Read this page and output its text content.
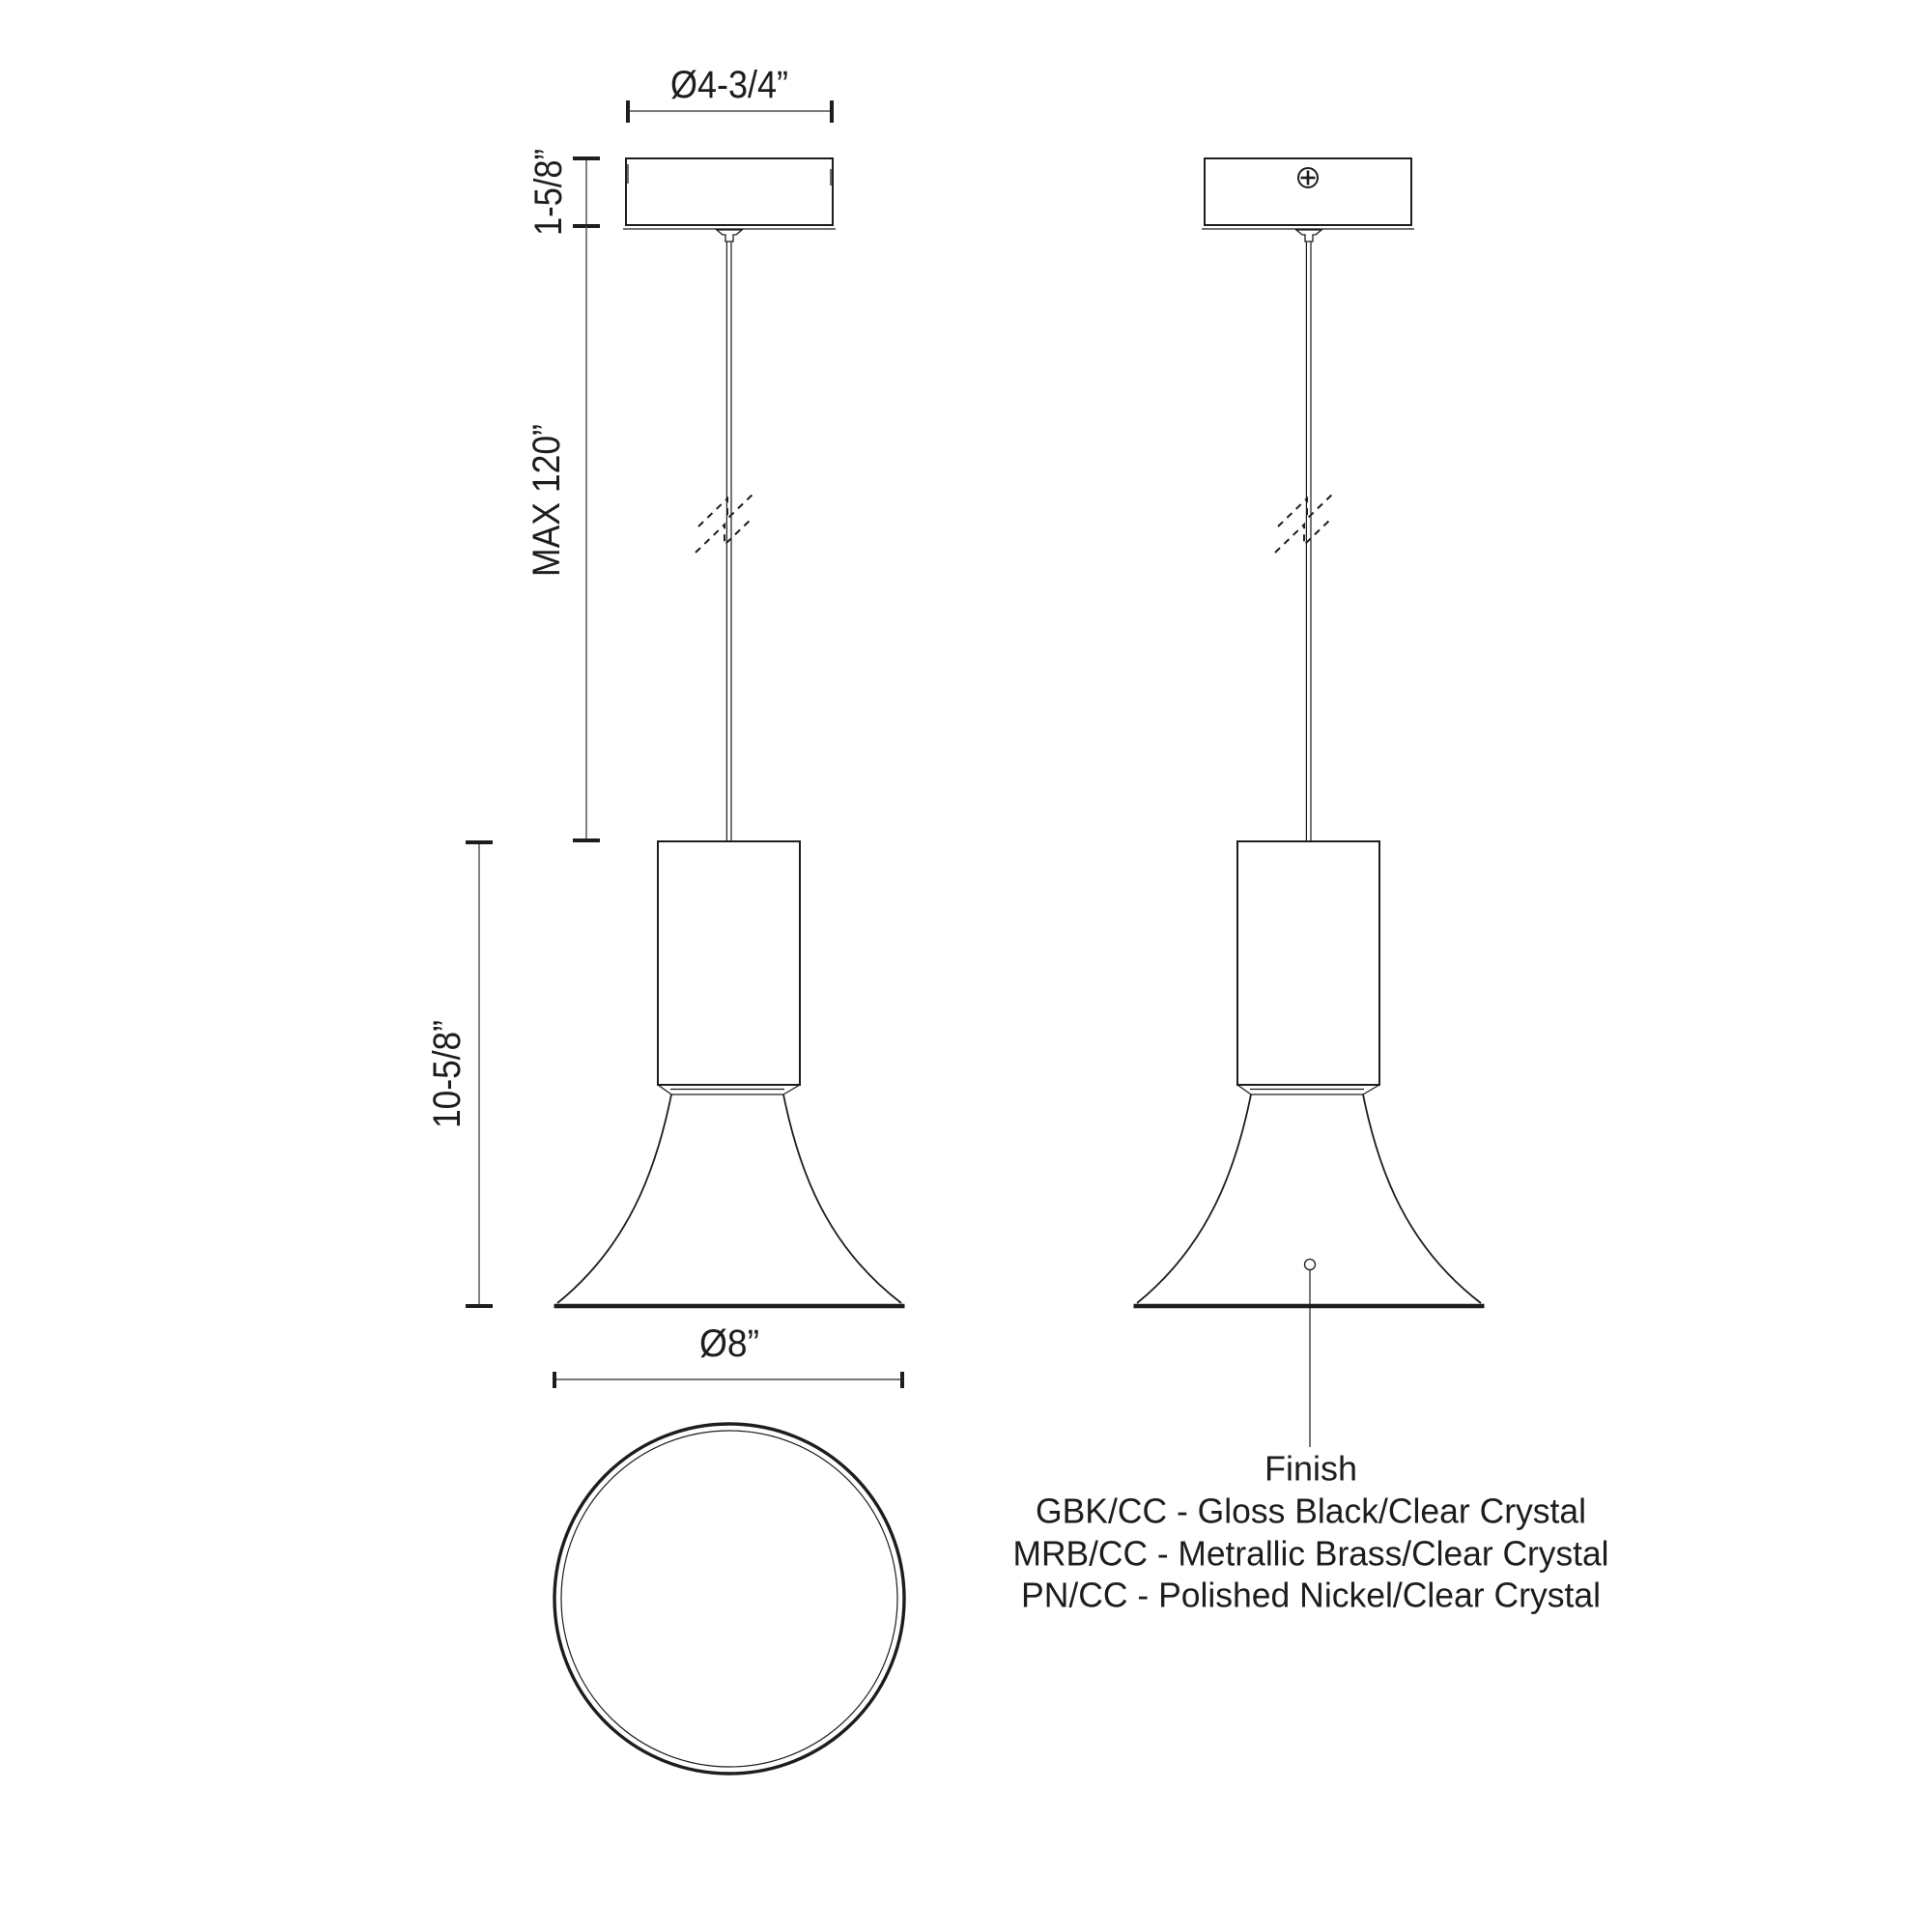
Ø4-3/4”
1-5/8”
MAX 120”
10-5/8”
Ø8”
Finish
GBK/CC - Gloss Black/Clear Crystal
MRB/CC - Metrallic Brass/Clear Crystal
PN/CC - Polished Nickel/Clear Crystal
